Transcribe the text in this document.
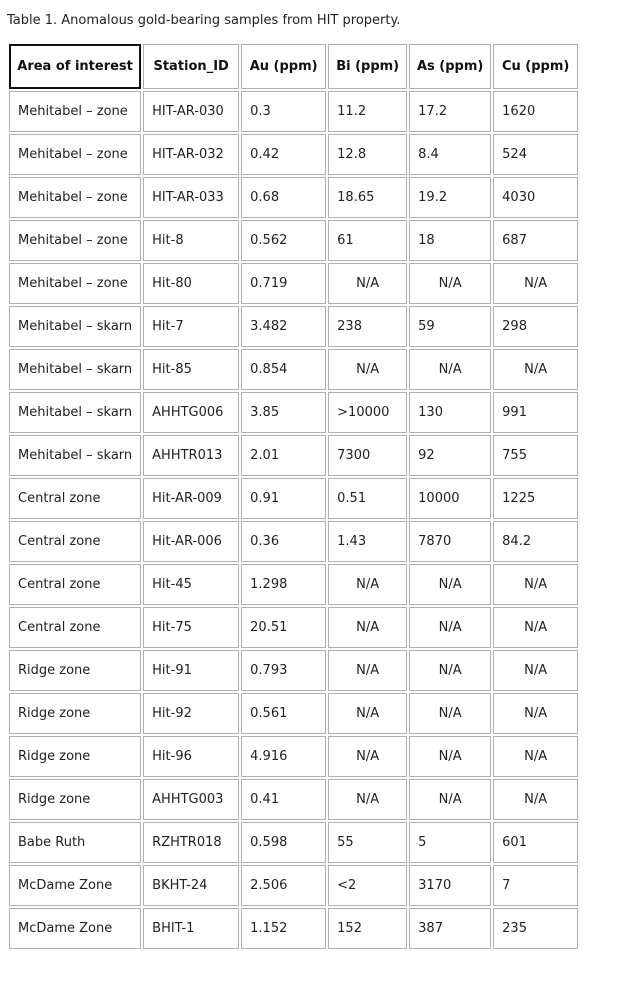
Table 1. Anomalous gold-bearing samples from HIT property.
Area of interest	Station_ID	Au (ppm)	Bi (ppm)	As (ppm)	Cu (ppm)
Mehitabel – zone	HIT-AR-030	0.3	11.2	17.2	1620
Mehitabel – zone	HIT-AR-032	0.42	12.8	8.4	524
Mehitabel – zone	HIT-AR-033	0.68	18.65	19.2	4030
Mehitabel – zone	Hit-8	0.562	61	18	687
Mehitabel – zone	Hit-80	0.719	N/A	N/A	N/A
Mehitabel – skarn	Hit-7	3.482	238	59	298
Mehitabel – skarn	Hit-85	0.854	N/A	N/A	N/A
Mehitabel – skarn	AHHTG006	3.85	>10000	130	991
Mehitabel – skarn	AHHTR013	2.01	7300	92	755
Central zone	Hit-AR-009	0.91	0.51	10000	1225
Central zone	Hit-AR-006	0.36	1.43	7870	84.2
Central zone	Hit-45	1.298	N/A	N/A	N/A
Central zone	Hit-75	20.51	N/A	N/A	N/A
Ridge zone	Hit-91	0.793	N/A	N/A	N/A
Ridge zone	Hit-92	0.561	N/A	N/A	N/A
Ridge zone	Hit-96	4.916	N/A	N/A	N/A
Ridge zone	AHHTG003	0.41	N/A	N/A	N/A
Babe Ruth	RZHTR018	0.598	55	5	601
McDame Zone	BKHT-24	2.506	<2	3170	7
McDame Zone	BHIT-1	1.152	152	387	235
